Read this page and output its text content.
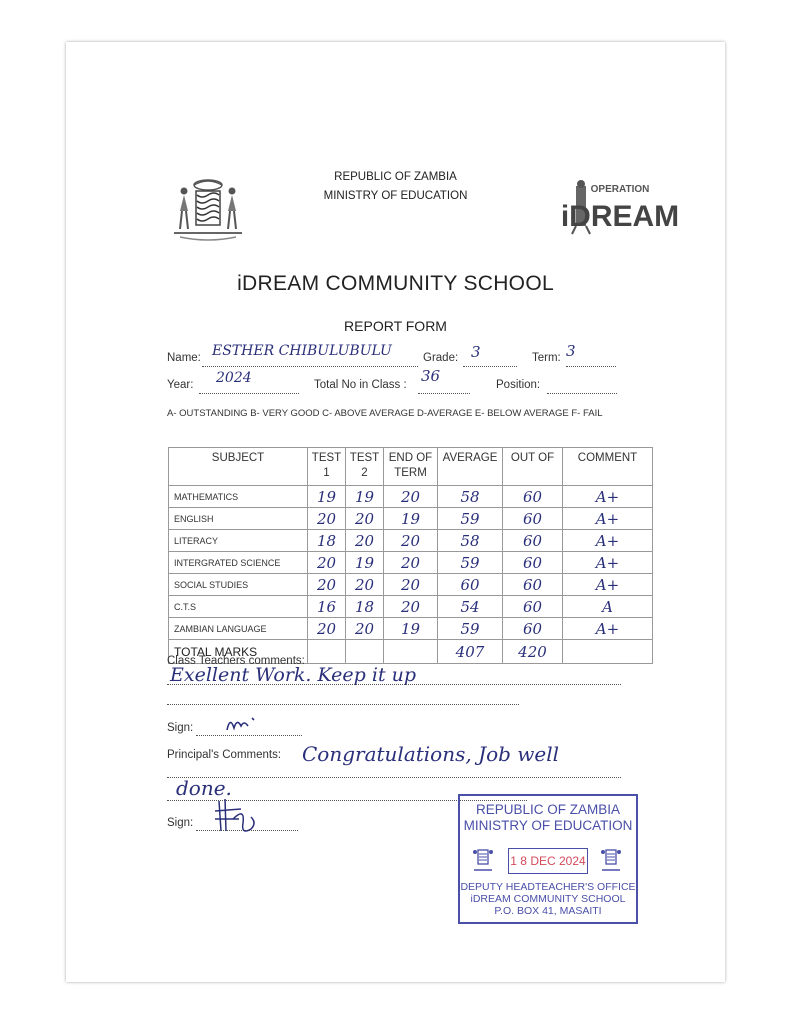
REPUBLIC OF ZAMBIA
MINISTRY OF EDUCATION
OPERATION
iDREAM
iDREAM COMMUNITY SCHOOL
REPORT FORM
Name: ESTHER CHIBULUBULU	Grade: 3	Term: 3
Year: 2024	Total No in Class : 36	Position:
A- OUTSTANDING B- VERY GOOD C- ABOVE AVERAGE D-AVERAGE E- BELOW AVERAGE F- FAIL
SUBJECT	TEST 1	TEST 2	END OF TERM	AVERAGE	OUT OF	COMMENT
MATHEMATICS	19	19	20	58	60	A+
ENGLISH	20	20	19	59	60	A+
LITERACY	18	20	20	58	60	A+
INTERGRATED SCIENCE	20	19	20	59	60	A+
SOCIAL STUDIES	20	20	20	60	60	A+
C.T.S	16	18	20	54	60	A
ZAMBIAN LANGUAGE	20	20	19	59	60	A+
TOTAL MARKS				407	420	
Class Teachers comments:
Exellent Work. Keep it up
Sign:
Principal's Comments: Congratulations, Job well
done.
Sign:
REPUBLIC OF ZAMBIA
MINISTRY OF EDUCATION
1 8 DEC 2024
DEPUTY HEADTEACHER'S OFFICE
iDREAM COMMUNITY SCHOOL
P.O. BOX 41, MASAITI
